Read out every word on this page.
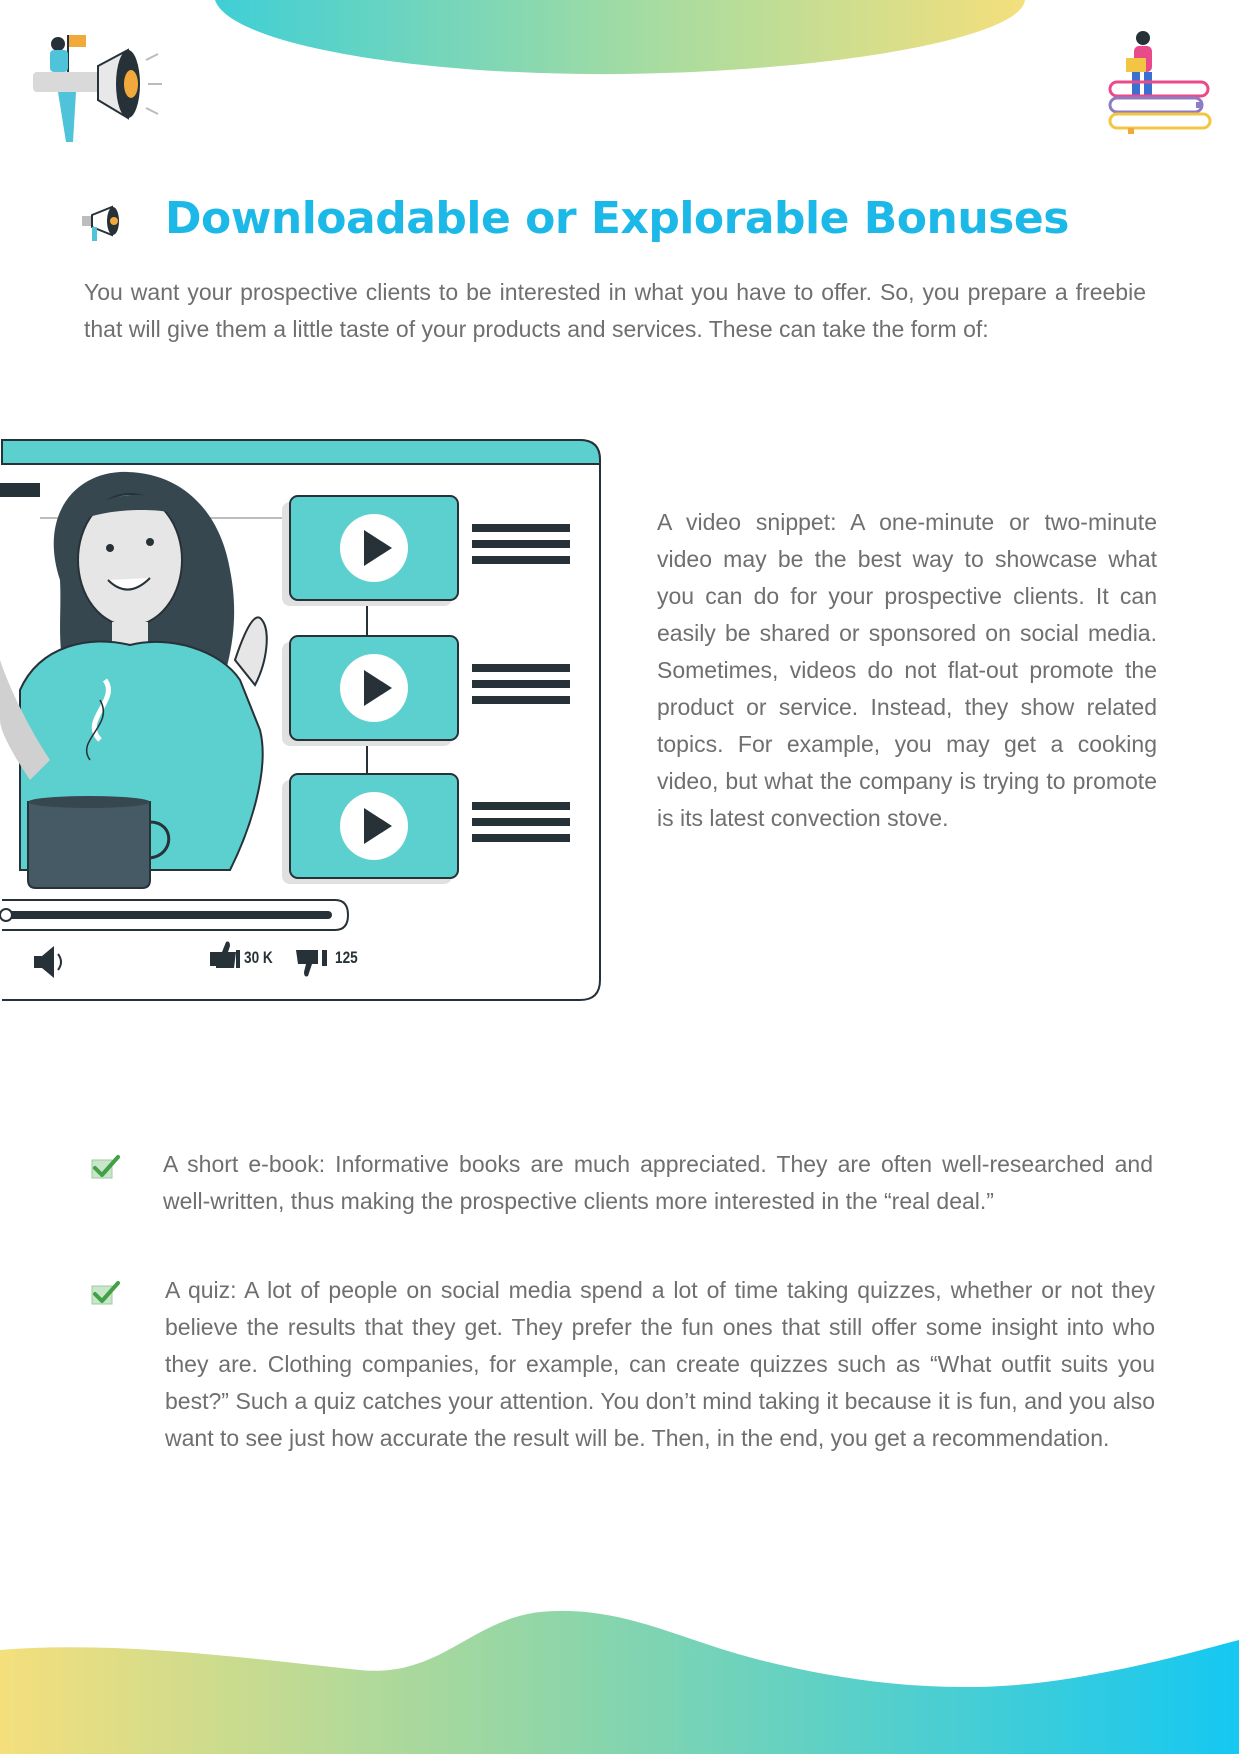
Downloadable or Explorable Bonuses
You want your prospective clients to be interested in what you have to offer. So, you prepare a freebie that will give them a little taste of your products and services. These can take the form of:
30 K	125
A video snippet: A one-minute or two-minute video may be the best way to showcase what you can do for your prospective clients. It can easily be shared or sponsored on social media. Sometimes, videos do not flat-out promote the product or service. Instead, they show related topics. For example, you may get a cooking video, but what the company is trying to promote is its latest convection stove.
A short e-book: Informative books are much appreciated. They are often well-researched and well-written, thus making the prospective clients more interested in the “real deal.”
A quiz: A lot of people on social media spend a lot of time taking quizzes, whether or not they believe the results that they get. They prefer the fun ones that still offer some insight into who they are. Clothing companies, for example, can create quizzes such as “What outfit suits you best?” Such a quiz catches your attention. You don’t mind taking it because it is fun, and you also want to see just how accurate the result will be. Then, in the end, you get a recommendation.
